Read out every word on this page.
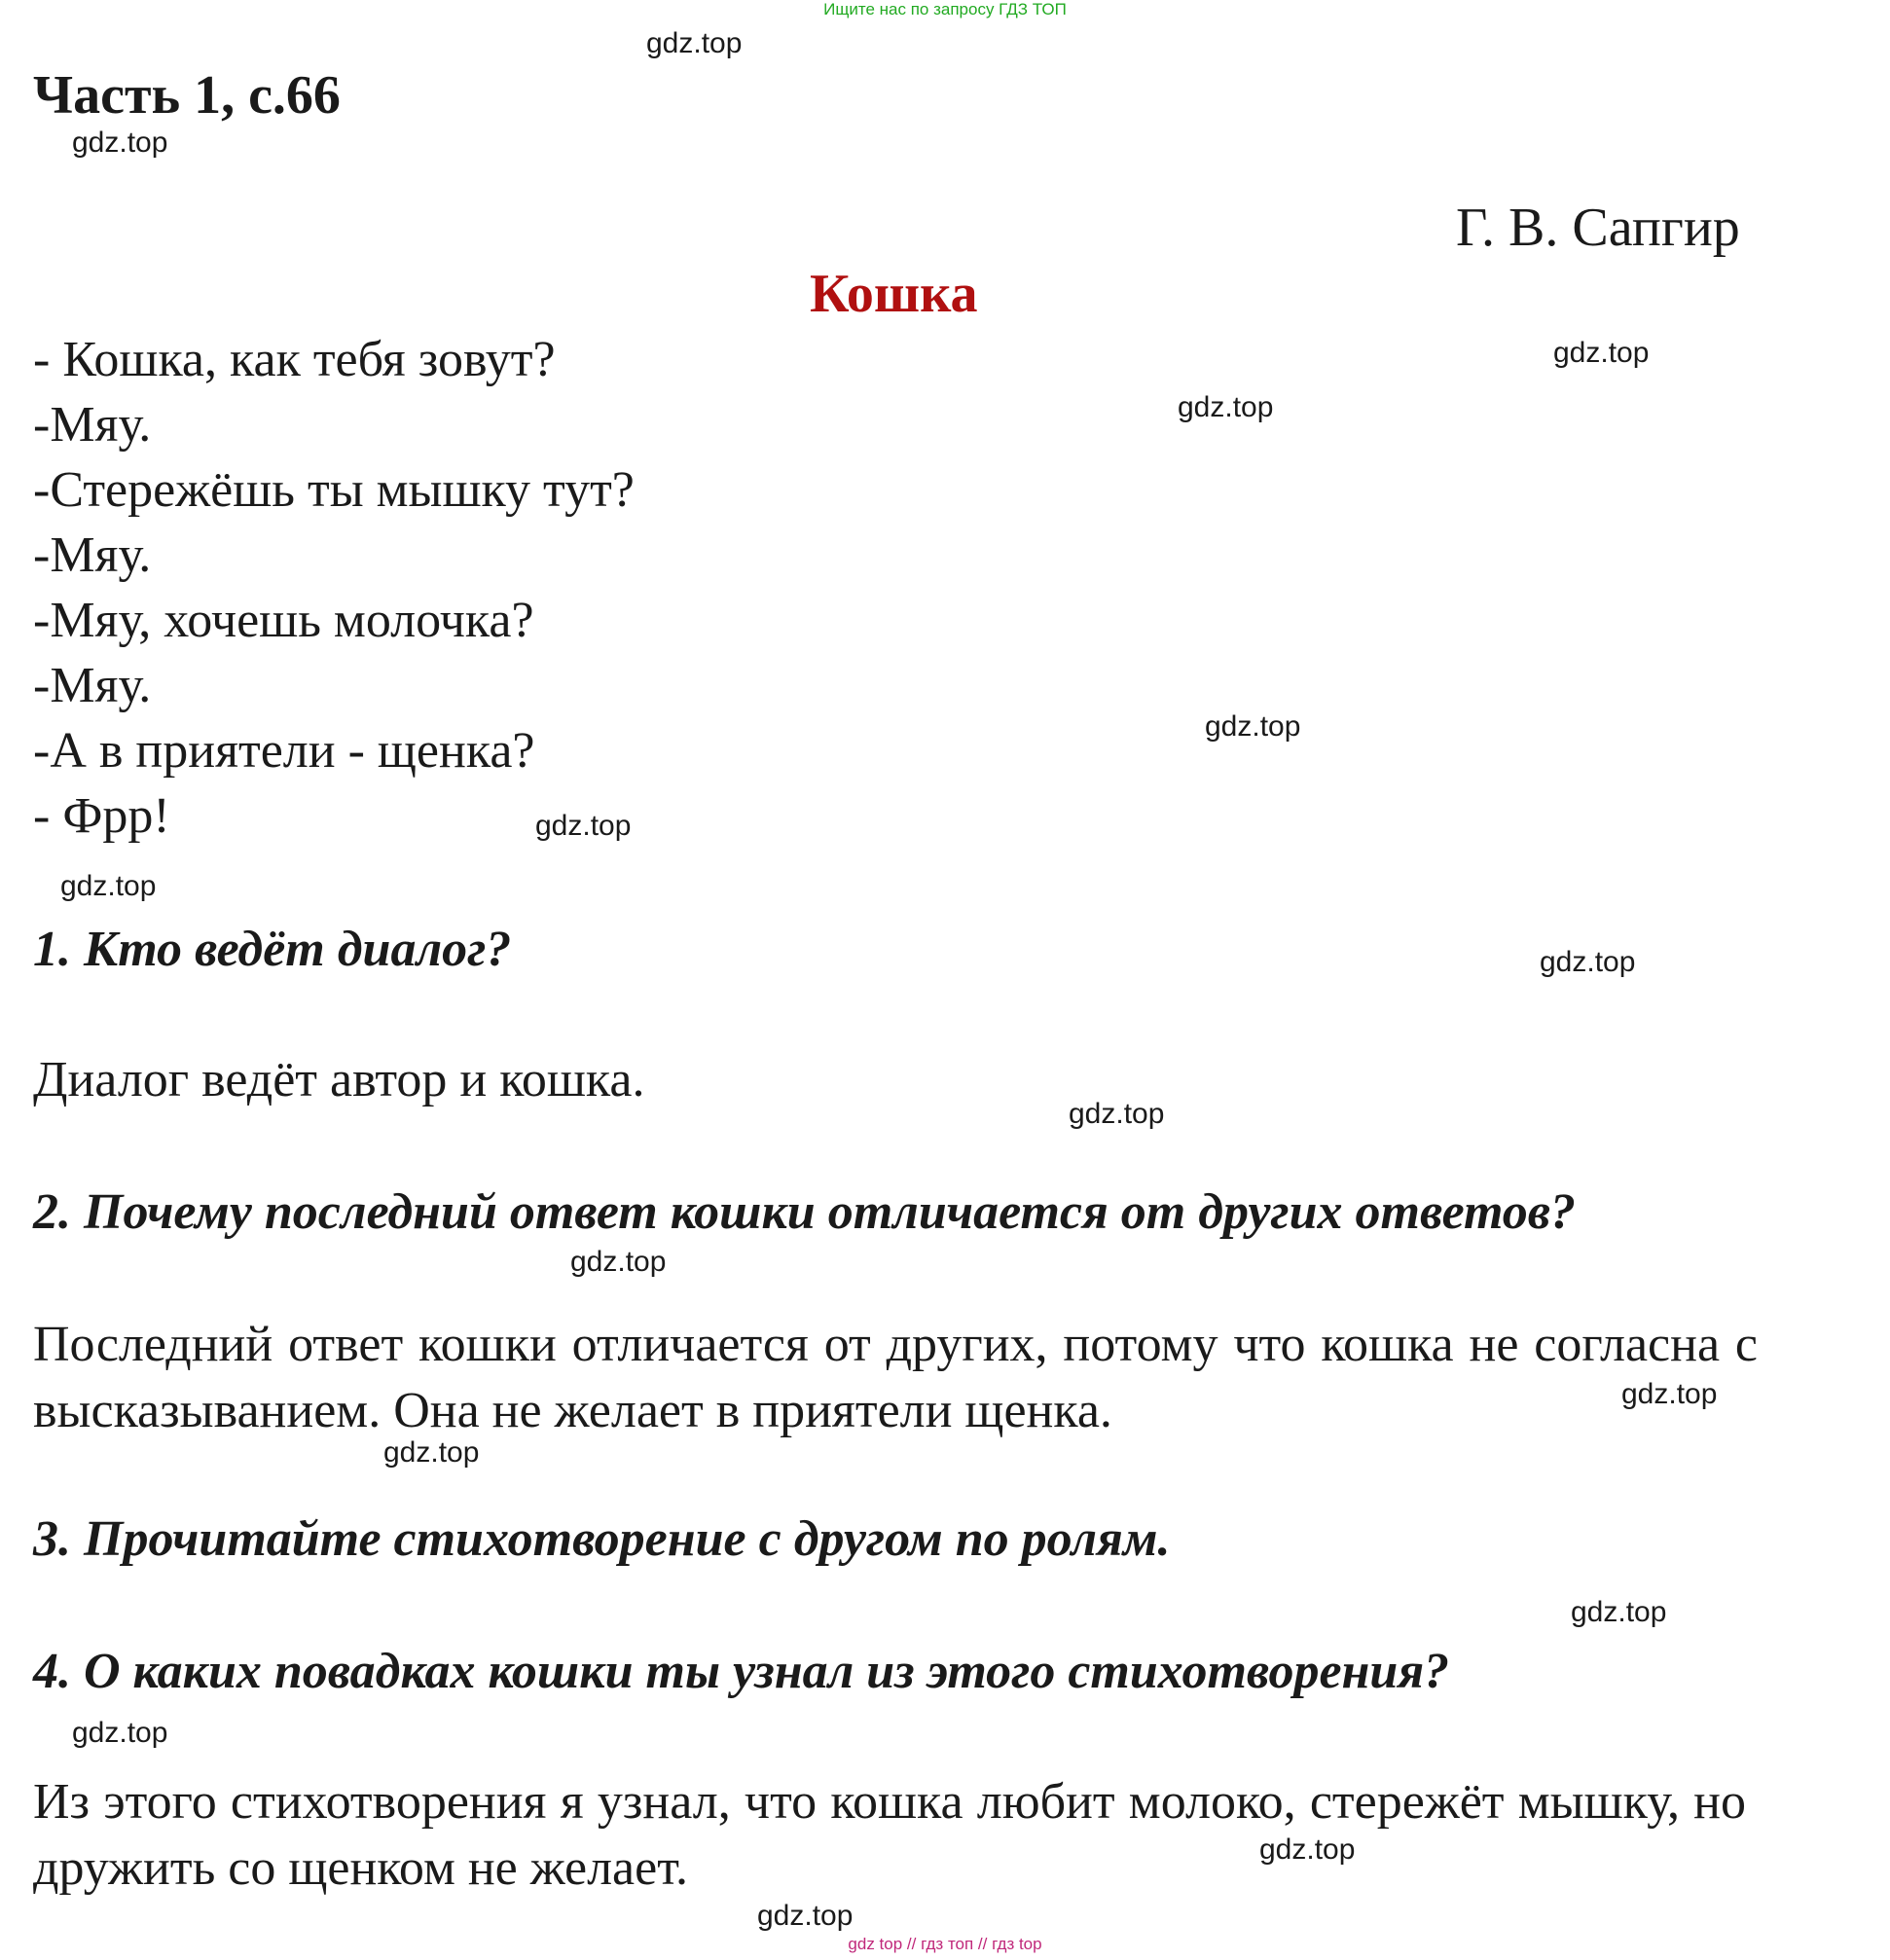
Ищите нас по запросу ГДЗ ТОП
Часть 1, с.66
Г. В. Сапгир
Кошка
- Кошка, как тебя зовут?
-Мяу.
-Стережёшь ты мышку тут?
-Мяу.
-Мяу, хочешь молочка?
-Мяу.
-А в приятели - щенка?
- Фрр!
1. Кто ведёт диалог?
Диалог ведёт автор и кошка.
2. Почему последний ответ кошки отличается от других ответов?
Последний ответ кошки отличается от других, потому что кошка не согласна с высказыванием. Она не желает в приятели щенка.
3. Прочитайте стихотворение с другом по ролям.
4. О каких повадках кошки ты узнал из этого стихотворения?
Из этого стихотворения я узнал, что кошка любит молоко, стережёт мышку, но дружить со щенком не желает.
gdz.top
gdz.top
gdz.top
gdz.top
gdz.top
gdz.top
gdz.top
gdz.top
gdz.top
gdz.top
gdz.top
gdz.top
gdz.top
gdz.top
gdz.top
gdz.top
gdz top // гдз топ // гдз top
